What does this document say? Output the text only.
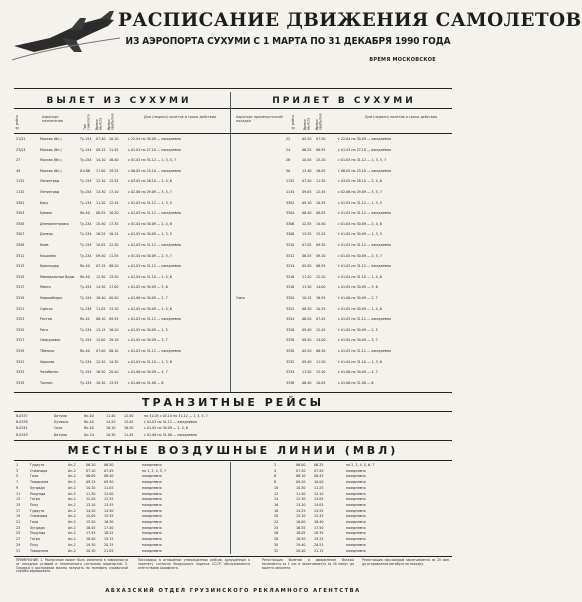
РАСПИСАНИЕ ДВИЖЕНИЯ САМОЛЕТОВ
ИЗ АЭРОПОРТА СУХУМИ С 1 МАРТА ПО 31 ДЕКАБРЯ 1990 ГОДА
ВРЕМЯ МОСКОВСКОЕ
ВЫЛЕТ ИЗ СУХУМИ	ПРИЛЕТ В СУХУМИ
№ рейса	Аэропорт назначения
Тип самолета Время вылета Время прибытия	Дни (недели) полетов и сроки действия	Аэропорт промежуточной посадки	№ рейса	Время вылета Время прибытия	Дни (недели) полетов и сроки действия
21/22	Москва (Вн.)	Ту-154 07.40 10.10	с 22.04 по 30.09 — ежедневно
23/24	Москва (Вн.)	Ту-154 09.25 11.55	с 01.03 по 27.10 — ежедневно
27	Москва (Вн.)	Ту-154 14.10 16.40	с 01.03 по 31.12 — 1, 3, 5, 7
49	Москва (Вн.)	Ил-86 17.00 19.25	с 06.05 по 25.10 — ежедневно
1131	Ленинград	Ту-154 12.10 15.55	с 03.05 по 28.10 — 2, 4, 6
1132	Ленинград	Ту-154 13.30 17.10	с 02.06 по 29.09 — 3, 5, 7
3301	Баку	Ту-134 11.20 12.45	с 01.03 по 31.12 — 1, 3, 5
3303	Ереван	Як-40 08.55 10.20	с 01.03 по 31.12 — ежедневно
3305	Днепропетровск	Ту-134 15.40 17.35	с 01.04 по 30.09 — 2, 4, 6
3307	Донецк	Ту-134 16.25 18.15	с 01.05 по 30.09 — 1, 3, 5
3309	Киев	Ту-154 10.05 12.30	с 01.03 по 31.12 — ежедневно
3311	Кишинев	Ту-134 09.40 11.55	с 01.05 по 30.09 — 2, 5, 7
3313	Краснодар	Як-40 07.15 08.20	с 01.03 по 31.12 — ежедневно
3315	Минеральные Воды Як-40 12.50 13.50	с 01.04 по 31.10 — 1, 4, 6
3317	Минск	Ту-154 14.30 17.00	с 01.05 по 30.09 — 3, 6
3319	Новосибирск	Ту-154 18.40 00.50	с 01.06 по 30.09 — 2, 7
3321	Одесса	Ту-134 11.05 13.10	с 01.05 по 30.09 — 1, 4, 6
3323	Ростов	Як-42 08.10 09.35	с 01.03 по 31.12 — ежедневно
3325	Рига	Ту-134 13.15 16.20	с 01.05 по 30.09 — 2, 5
3327	Свердловск	Ту-154 15.00 19.10	с 01.05 по 30.09 — 3, 7
3329	Тбилиси	Як-40 07.00 08.10	с 01.03 по 31.12 — ежедневно
3331	Харьков	Ту-134 12.20 14.30	с 01.04 по 31.10 — 1, 3, 6
3333	Челябинск	Ту-154 16.50 20.40	с 01.06 по 30.09 — 4, 7
3335	Таллин	Ту-134 10.30 13.55	с 01.06 по 31.08 — 6
22	05.20 07.50	с 22.04 по 30.09 — ежедневно
24	06.25 08.55	с 01.03 по 27.10 — ежедневно
28	10.50 13.20	с 01.03 по 31.12 — 1, 3, 5, 7
50	13.40 16.05	с 06.05 по 25.10 — ежедневно
1132 07.50 11.30	с 03.05 по 28.10 — 2, 4, 6
1134 09.05 12.45	с 02.06 по 29.09 — 3, 5, 7
3302 09.10 10.35	с 01.03 по 31.12 — 1, 3, 5
3304 06.40 08.05	с 01.03 по 31.12 — ежедневно
3306 12.55 14.50	с 01.04 по 30.09 — 2, 4, 6
3308 13.35 15.25	с 01.05 по 30.09 — 1, 3, 5
3310 07.05 09.30	с 01.03 по 31.12 — ежедневно
3312 06.55 09.10	с 01.05 по 30.09 — 2, 5, 7
3314 05.50 06.55	с 01.03 по 31.12 — ежедневно
3316 11.20 12.20	с 01.04 по 31.10 — 1, 4, 6
3318 11.30 14.00	с 01.05 по 30.09 — 3, 6
Омск	3320 10.15 16.55	с 01.06 по 30.09 — 2, 7
3322 08.30 10.35	с 01.05 по 30.09 — 1, 4, 6
3324 06.20 07.45	с 01.03 по 31.12 — ежедневно
3326 09.40 12.45	с 01.05 по 30.09 — 2, 5
3328 09.50 14.00	с 01.05 по 30.09 — 3, 7
3330 05.20 06.30	с 01.03 по 31.12 — ежедневно
3332 09.40 11.50	с 01.04 по 31.10 — 1, 3, 6
3334 11.50 15.40	с 01.06 по 30.09 — 4, 7
3336 06.40 10.05	с 01.06 по 31.08 — 6
ТРАНЗИТНЫЕ РЕЙСЫ
8-0337	Батуми	Як-40	11.40	12.50	по 31.03 с 03.10 по 31.12 — 1, 3, 5, 7
8-0339	Кутаиси	Як-40	14.20	15.05	с 01.03 по 31.12 — ежедневно
8-0341	Сочи	Як-40	16.10	16.50	с 01.05 по 30.09 — 2, 4, 6
8-0343	Батуми	Ан-24	10.30	11.45	с 01.06 по 31.08 — ежедневно
МЕСТНЫЕ ВОЗДУШНЫЕ ЛИНИИ (МВЛ)
1	Гудаута	Ан-2	06.20	06.50	ежедневно
3	Очамчира	Ан-2	07.10	07.45	по 1, 3, 4, 5, 7
5	Гали	Ан-2	08.00	08.40	ежедневно
7	Ткварчели	Ан-2	09.15	09.50	ежедневно
9	Зугдиди	Ан-2	10.10	11.05	ежедневно
11	Пицунда	Ан-2	11.30	12.00	ежедневно
13	Гагра	Ан-2	12.20	12.55	ежедневно
15	Псху	Ан-2	13.10	13.55	ежедневно
17	Гудаута	Ан-2	14.20	14.50	ежедневно
19	Очамчира	Ан-2	15.00	15.35	ежедневно
21	Гали	Ан-2	15.50	16.30	ежедневно
23	Зугдиди	Ан-2	16.45	17.40	ежедневно
25	Пицунда	Ан-2	17.55	18.25	ежедневно
27	Гагра	Ан-2	18.40	19.15	ежедневно
29	Псху	Ан-2	19.30	20.15	ежедневно
31	Ткварчели	Ан-2	20.30	21.05	ежедневно
2	06.00	06.35	по 2, 3, 4, 5, 6, 7
4	07.20	07.50	ежедневно
6	08.10	08.45	ежедневно
8	09.20	10.00	ежедневно
10	10.30	11.25	ежедневно
12	11.40	12.10	ежедневно
14	12.30	13.05	ежедневно
16	13.20	14.05	ежедневно
18	14.25	14.55	ежедневно
20	15.10	15.45	ежедневно
22	16.00	16.40	ежедневно
24	16.55	17.50	ежедневно
26	18.05	18.35	ежедневно
28	18.50	19.25	ежедневно
30	19.40	20.25	ежедневно
32	20.40	21.15	ежедневно
ПРИМЕЧАНИЕ: 1. Расписание может быть изменено в зависимости от погодных условий и технического состояния аэропортов. 2. Справки о расписании можно получить по телефону справочной службы аэровокзала.
Пассажиры в отношении утвержденных рейсов, допущенные к перелету согласно Воздушного кодекса СССР, обслуживаются агентствами Аэрофлота.
Регистрация билетов и оформление багажа начинается за 1 час и заканчивается за 40 минут до вылета самолета.
Регистрация пассажиров заканчивается за 20 мин. до отправления автобуса на посадку.
АБХАЗСКИЙ ОТДЕЛ ГРУЗИНСКОГО РЕКЛАМНОГО АГЕНТСТВА
